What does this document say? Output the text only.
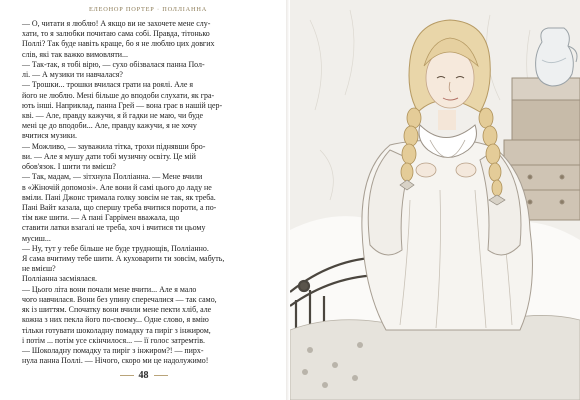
ЕЛЕОНОР ПОРТЕР · ПОЛЛІАННА

— О, читати я люблю! А якщо ви не захочете мене слу-

хати, то я залюбки почитаю сама собі. Правда, тітонько

Поллі? Так буде навіть краще, бо я не люблю цих довгих

слів, які так важко вимовляти...

— Так-так, я тобі вірю, — сухо обізвалася панна Пол-

лі. — А музики ти навчалася?

— Трошки... трошки вчилася грати на роялі. Але я

його не люблю. Мені більше до вподоби слухати, як гра-

ють інші. Наприклад, панна Грей — вона грає в нашій цер-

кві. — Але, правду кажучи, я й гадки не маю, чи буде

мені це до вподоби... Але, правду кажучи, я не хочу

вчитися музики.

— Можливо, — зауважила тітка, трохи піднявши бро-

ви. — Але я мушу дати тобі музичну освіту. Це мій

обов'язок. І шити ти вмієш?

— Так, мадам, — зітхнула Полліанна. — Мене вчили

в «Жіночій допомозі». Але вони й самі цього до ладу не

вміли. Пані Джонс тримала голку зовсім не так, як треба.

Пані Вайт казала, що спершу треба вчитися пороти, а по-

тім вже шити. — А пані Гаррімен вважала, що

ставити латки взагалі не треба, хоч і вчитися ти цьому

мусиш...

— Ну, тут у тебе більше не буде труднощів, Полліанно.

Я сама вчитиму тебе шити. А куховарити ти зовсім, мабуть,

не вмієш?

Полліанна засміялася.

— Цього літа вони почали мене вчити... Але я мало

чого навчилася. Вони без упину сперечалися — так само,

як із шиттям. Спочатку вони вчили мене пекти хліб, але

кожна з них пекла його по-своєму... Одне слово, я вмію

тільки готувати шоколадну помадку та пиріг з інжиром,

і потім ... потім усе скінчилося... — її голос затремтів.

— Шоколадну помадку та пиріг з інжиром?! — пирх-

нула панна Поллі. — Нічого, скоро ми це надолужимо!

48
